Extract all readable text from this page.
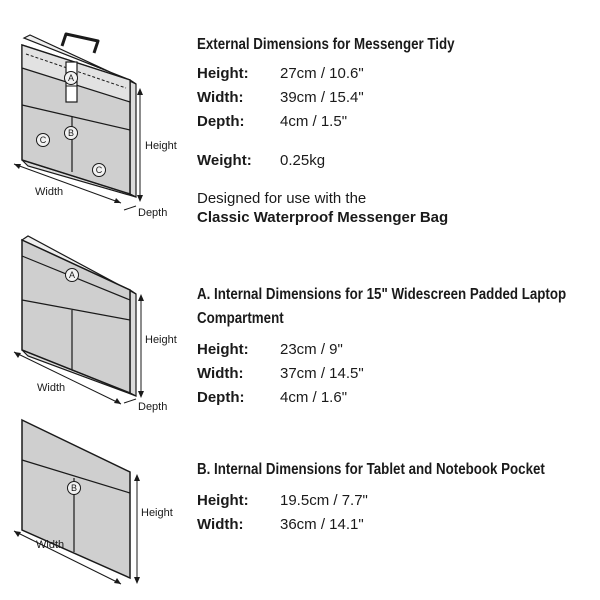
A
B
C
C
Height
Width
Depth
A
Height
Width
Depth
B
Height
Width
External Dimensions for Messenger Tidy
Height:	27cm / 10.6"
Width:	39cm / 15.4"
Depth:	4cm / 1.5"
Weight:	0.25kg
Designed for use with the
Classic Waterproof Messenger Bag
A. Internal Dimensions for 15" Widescreen Padded Laptop Compartment
Height:	23cm / 9"
Width:	37cm / 14.5"
Depth:	4cm / 1.6"
B. Internal Dimensions for Tablet and Notebook Pocket
Height:	19.5cm / 7.7"
Width:	36cm / 14.1"
